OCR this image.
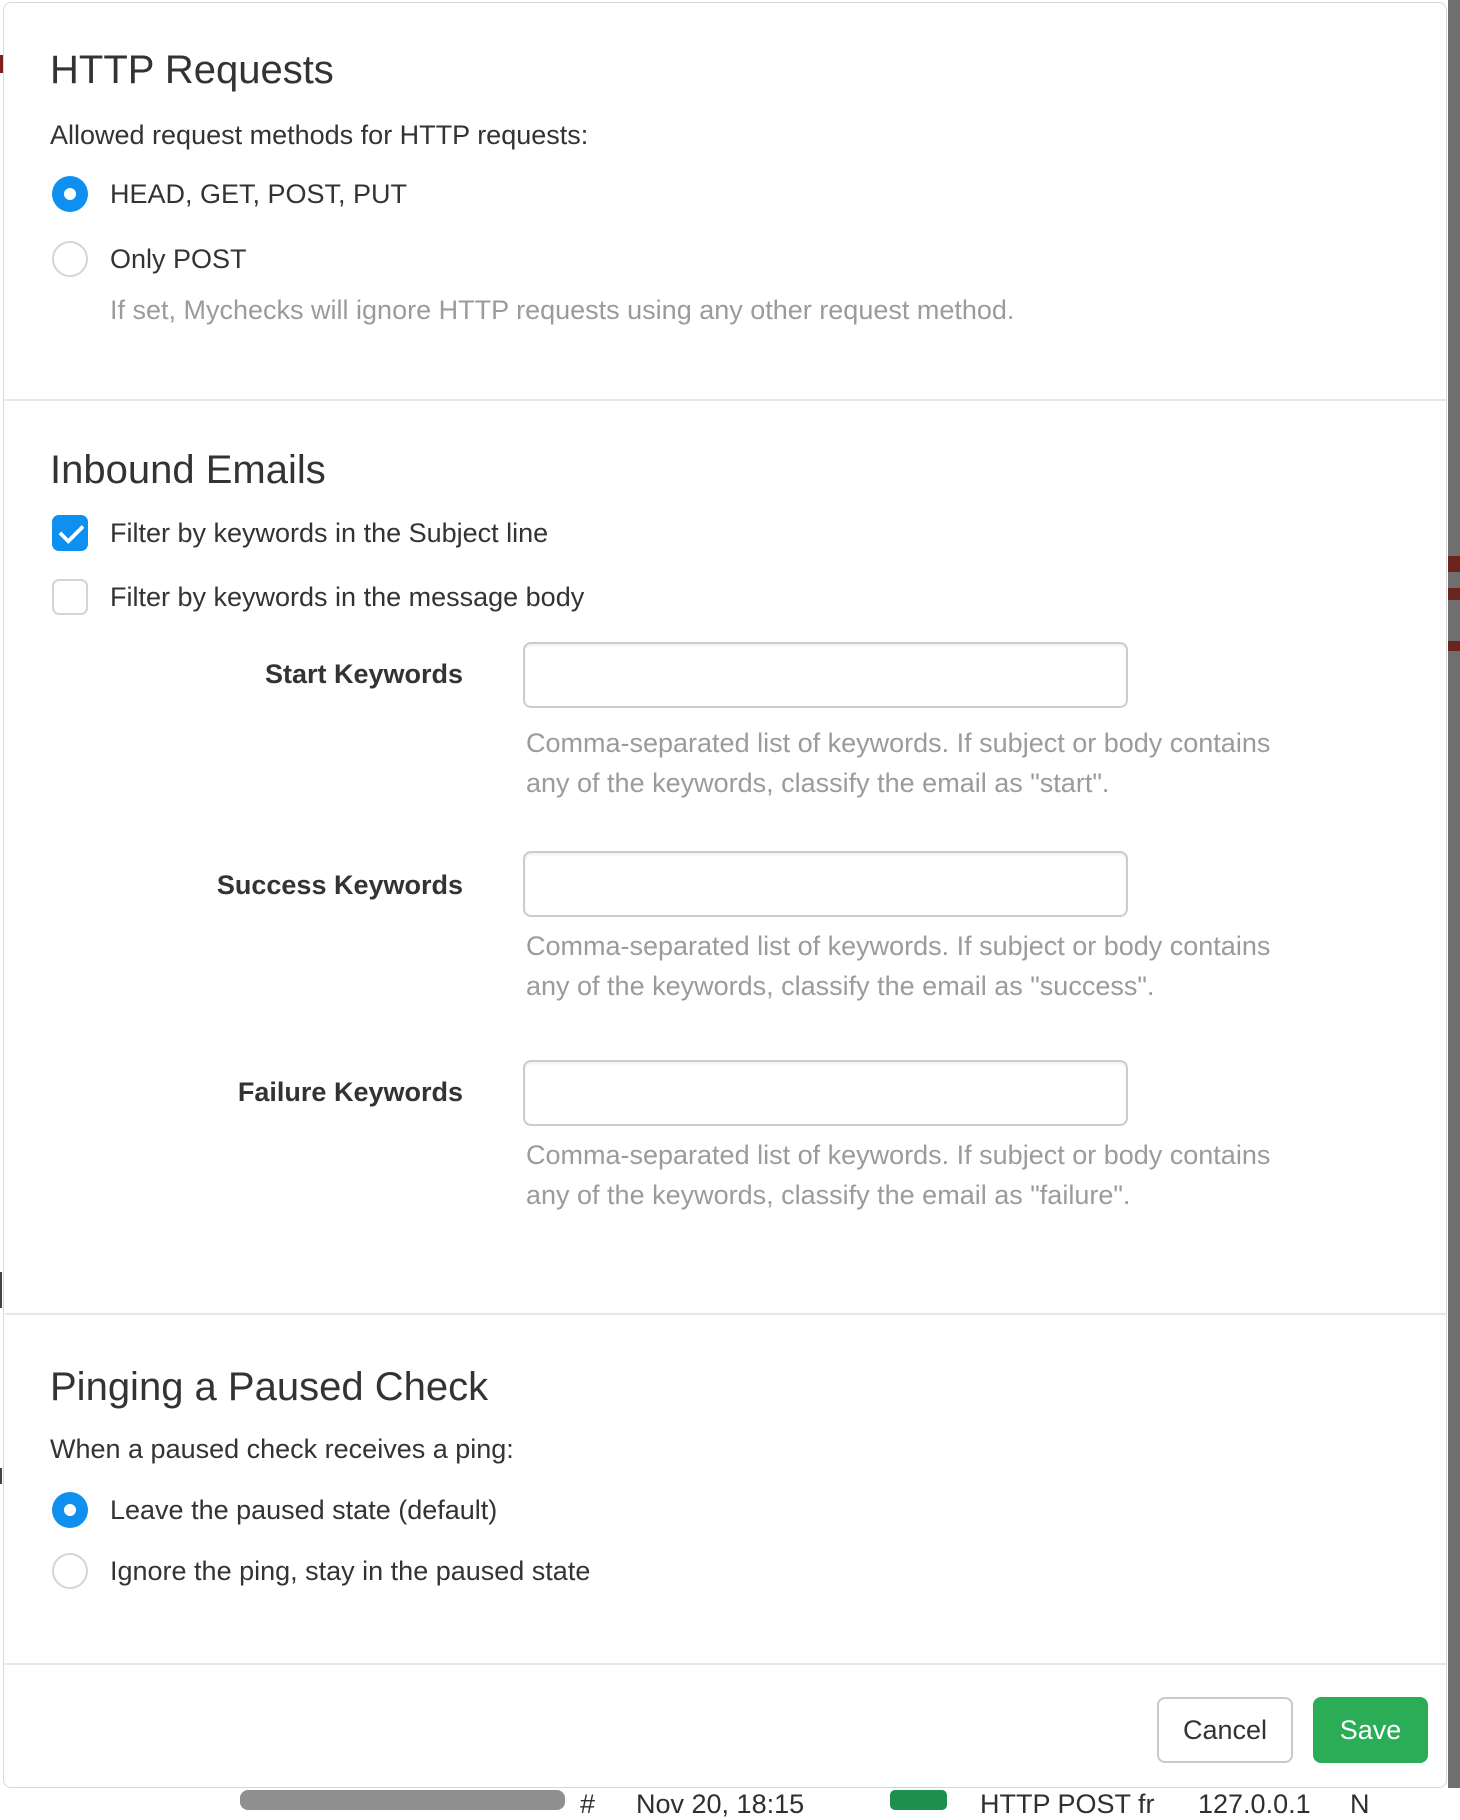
HTTP Requests
Allowed request methods for HTTP requests:
HEAD, GET, POST, PUT
Only POST
If set, Mychecks will ignore HTTP requests using any other request method.
Inbound Emails
Filter by keywords in the Subject line
Filter by keywords in the message body
Start Keywords
Comma-separated list of keywords. If subject or body contains any of the keywords, classify the email as "start".
Success Keywords
Comma-separated list of keywords. If subject or body contains any of the keywords, classify the email as "success".
Failure Keywords
Comma-separated list of keywords. If subject or body contains any of the keywords, classify the email as "failure".
Pinging a Paused Check
When a paused check receives a ping:
Leave the paused state (default)
Ignore the ping, stay in the paused state
Cancel	Save
# Nov 20, 18:15	HTTP POST fr 127.0.0.1 N
